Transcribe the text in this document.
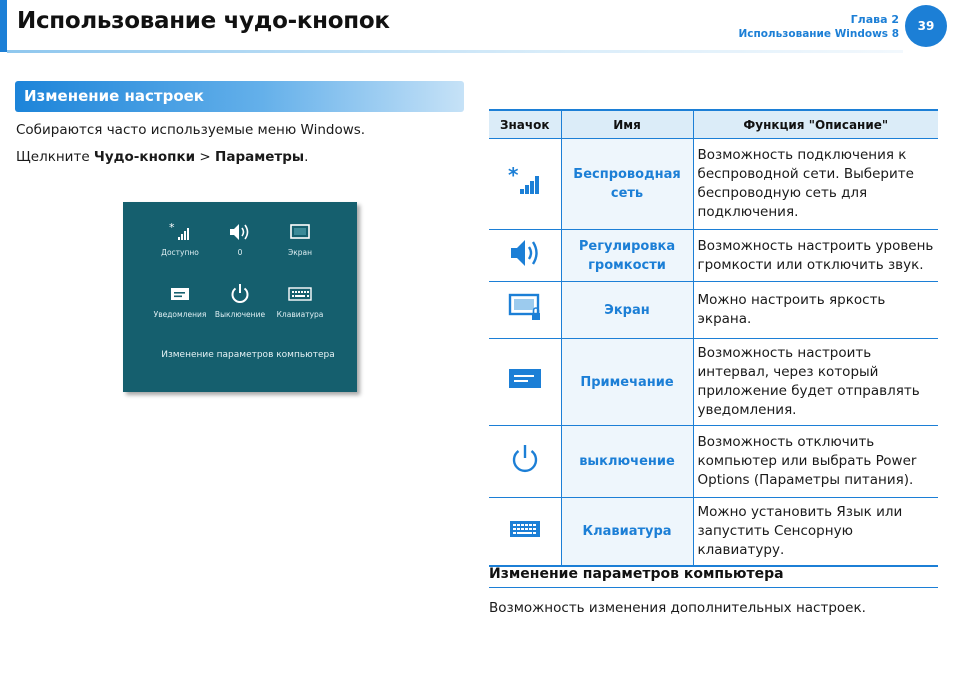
Использование чудо-кнопок	Глава 2
Использование Windows 8
39
Изменение настроек
Собираются часто используемые меню Windows.
Щелкните Чудо-кнопки > Параметры.
*
Доступно	0	Экран
Уведомления	Выключение	Клавиатура
Изменение параметров компьютера
Значок	Имя	Функция "Описание"

*	Беспроводная сеть	Возможность подключения к беспроводной сети. Выберите беспроводную сеть для подключения.
	Регулировка громкости	Возможность настроить уровень громкости или отключить звук.
	Экран	Можно настроить яркость экрана.
	Примечание	Возможность настроить интервал, через который приложение будет отправлять уведомления.
	выключение	Возможность отключить компьютер или выбрать Power Options (Параметры питания).
	Клавиатура	Можно установить Язык или запустить Сенсорную клавиатуру.
Изменение параметров компьютера
Возможность изменения дополнительных настроек.
